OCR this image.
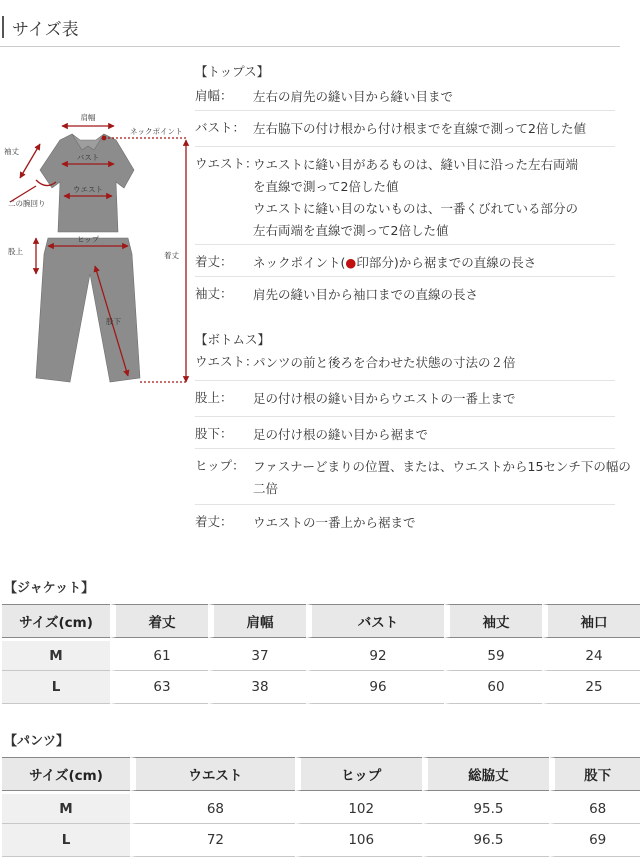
サイズ表
肩幅
ネックポイント
袖丈
バスト
ウエスト
二の腕回り
股上
ヒップ
着丈
股下
【トップス】
肩幅： 左右の肩先の縫い目から縫い目まで
バスト： 左右脇下の付け根から付け根までを直線で測って2倍した値
ウエスト：
ウエストに縫い目があるものは、縫い目に沿った左右両端
を直線で測って2倍した値
ウエストに縫い目のないものは、一番くびれている部分の
左右両端を直線で測って2倍した値
着丈： ネックポイント(●印部分)から裾までの直線の長さ
袖丈： 肩先の縫い目から袖口までの直線の長さ
【ボトムス】
ウエスト：
パンツの前と後ろを合わせた状態の寸法の２倍
股上： 足の付け根の縫い目からウエストの一番上まで
股下： 足の付け根の縫い目から裾まで
ヒップ： ファスナーどまりの位置、または、ウエストから15センチ下の幅の
二倍
着丈： ウエストの一番上から裾まで
【ジャケット】
サイズ(cm)	着丈	肩幅	バスト	袖丈	袖口
M	61	37	92	59	24
L	63	38	96	60	25
【パンツ】
サイズ(cm)	ウエスト	ヒップ	総脇丈	股下
M	68	102	95.5	68
L	72	106	96.5	69
